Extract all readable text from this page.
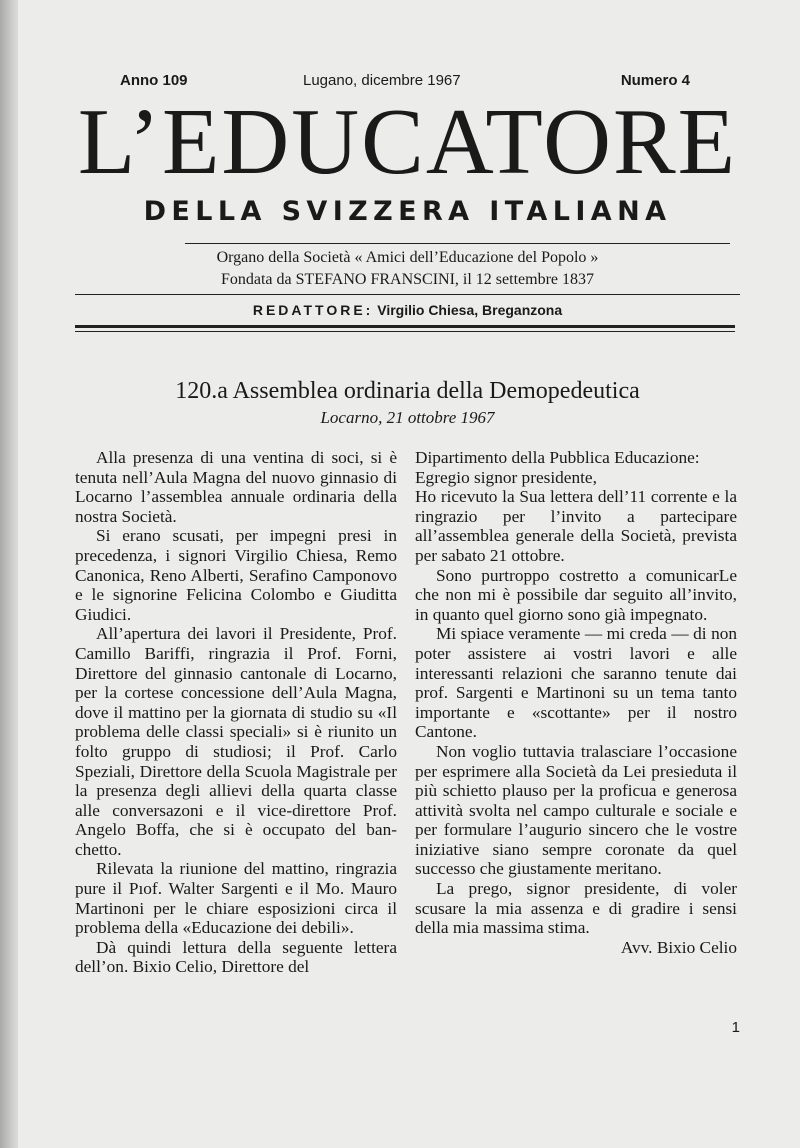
Anno 109	Lugano, dicembre 1967	Numero 4
L’EDUCATORE
DELLA SVIZZERA ITALIANA
Organo della Società « Amici dell’Educazione del Popolo »
Fondata da STEFANO FRANSCINI, il 12 settembre 1837
REDATTORE: Virgilio Chiesa, Breganzona
120.a Assemblea ordinaria della Demopedeutica
Locarno, 21 ottobre 1967

Alla presenza di una ventina di soci, si è tenuta nell’Aula Magna del nuovo ginnasio di Locarno l’assemblea annuale ordinaria della nostra Società.

Si erano scusati, per impegni presi in precedenza, i signori Virgilio Chiesa, Remo Canonica, Reno Alberti, Serafino Camponovo e le signorine Felicina Colombo e Giuditta Giudici.

All’apertura dei lavori il Presidente, Prof. Camillo Bariffi, ringrazia il Prof. Forni, Direttore del ginnasio cantonale di Locarno, per la cortese concessione dell’Aula Magna, dove il mattino per la giornata di studio su «Il problema delle classi speciali» si è riunito un folto gruppo di studiosi; il Prof. Carlo Speziali, Direttore della Scuola Magistrale per la presenza degli allievi della quarta classe alle conversazoni e il vice-direttore Prof. Angelo Boffa, che si è occupato del banchetto.

Rilevata la riunione del mattino, ringrazia pure il Pıof. Walter Sargenti e il Mo. Mauro Martinoni per le chiare esposizioni circa il problema della «Educazione dei debili».

Dà quindi lettura della seguente lettera dell’on. Bixio Celio, Direttore del

Dipartimento della Pubblica Educazione:

Egregio signor presidente,

Ho ricevuto la Sua lettera dell’11 corrente e la ringrazio per l’invito a partecipare all’assemblea generale della Società, prevista per sabato 21 ottobre.

Sono purtroppo costretto a comunicarLe che non mi è possibile dar seguito all’invito, in quanto quel giorno sono già impegnato.

Mi spiace veramente — mi creda — di non poter assistere ai vostri lavori e alle interessanti relazioni che saranno tenute dai prof. Sargenti e Martinoni su un tema tanto importante e «scottante» per il nostro Cantone.

Non voglio tuttavia tralasciare l’occasione per esprimere alla Società da Lei presieduta il più schietto plauso per la proficua e generosa attività svolta nel campo culturale e sociale e per formulare l’augurio sincero che le vostre iniziative siano sempre coronate da quel successo che giustamente meritano.

La prego, signor presidente, di voler scusare la mia assenza e di gradire i sensi della mia massima stima.

Avv. Bixio Celio

1
